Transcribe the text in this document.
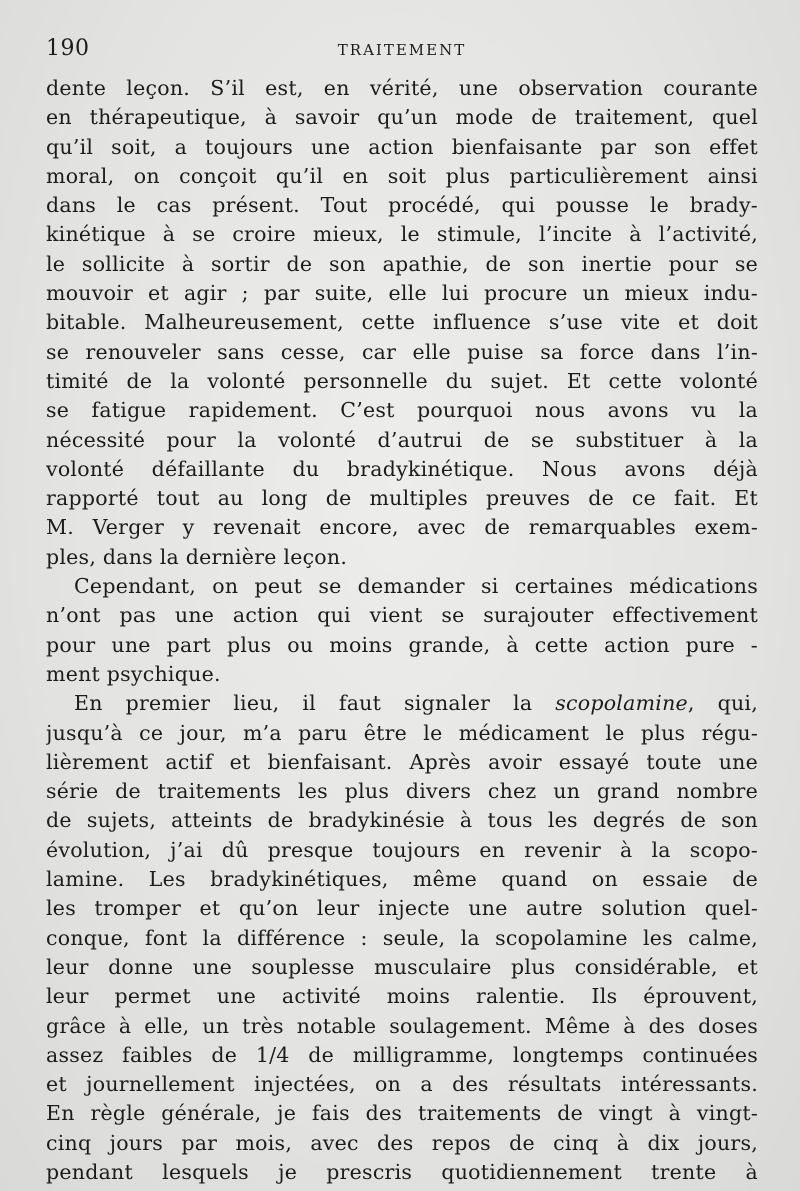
190	TRAITEMENT
dente leçon. S’il est, en vérité, une observation courante
en thérapeutique, à savoir qu’un mode de traitement, quel
qu’il soit, a toujours une action bienfaisante par son effet
moral, on conçoit qu’il en soit plus particulièrement ainsi
dans le cas présent. Tout procédé, qui pousse le brady-
kinétique à se croire mieux, le stimule, l’incite à l’activité,
le sollicite à sortir de son apathie, de son inertie pour se
mouvoir et agir ; par suite, elle lui procure un mieux indu-
bitable. Malheureusement, cette influence s’use vite et doit
se renouveler sans cesse, car elle puise sa force dans l’in-
timité de la volonté personnelle du sujet. Et cette volonté
se fatigue rapidement. C’est pourquoi nous avons vu la
nécessité pour la volonté d’autrui de se substituer à la
volonté défaillante du bradykinétique. Nous avons déjà
rapporté tout au long de multiples preuves de ce fait. Et
M. Verger y revenait encore, avec de remarquables exem-
ples, dans la dernière leçon.
Cependant, on peut se demander si certaines médications
n’ont pas une action qui vient se surajouter effectivement
pour une part plus ou moins grande, à cette action pure -
ment psychique.
En premier lieu, il faut signaler la scopolamine, qui,
jusqu’à ce jour, m’a paru être le médicament le plus régu-
lièrement actif et bienfaisant. Après avoir essayé toute une
série de traitements les plus divers chez un grand nombre
de sujets, atteints de bradykinésie à tous les degrés de son
évolution, j’ai dû presque toujours en revenir à la scopo-
lamine. Les bradykinétiques, même quand on essaie de
les tromper et qu’on leur injecte une autre solution quel-
conque, font la différence : seule, la scopolamine les calme,
leur donne une souplesse musculaire plus considérable, et
leur permet une activité moins ralentie. Ils éprouvent,
grâce à elle, un très notable soulagement. Même à des doses
assez faibles de 1/4 de milligramme, longtemps continuées
et journellement injectées, on a des résultats intéressants.
En règle générale, je fais des traitements de vingt à vingt-
cinq jours par mois, avec des repos de cinq à dix jours,
pendant lesquels je prescris quotidiennement trente à
